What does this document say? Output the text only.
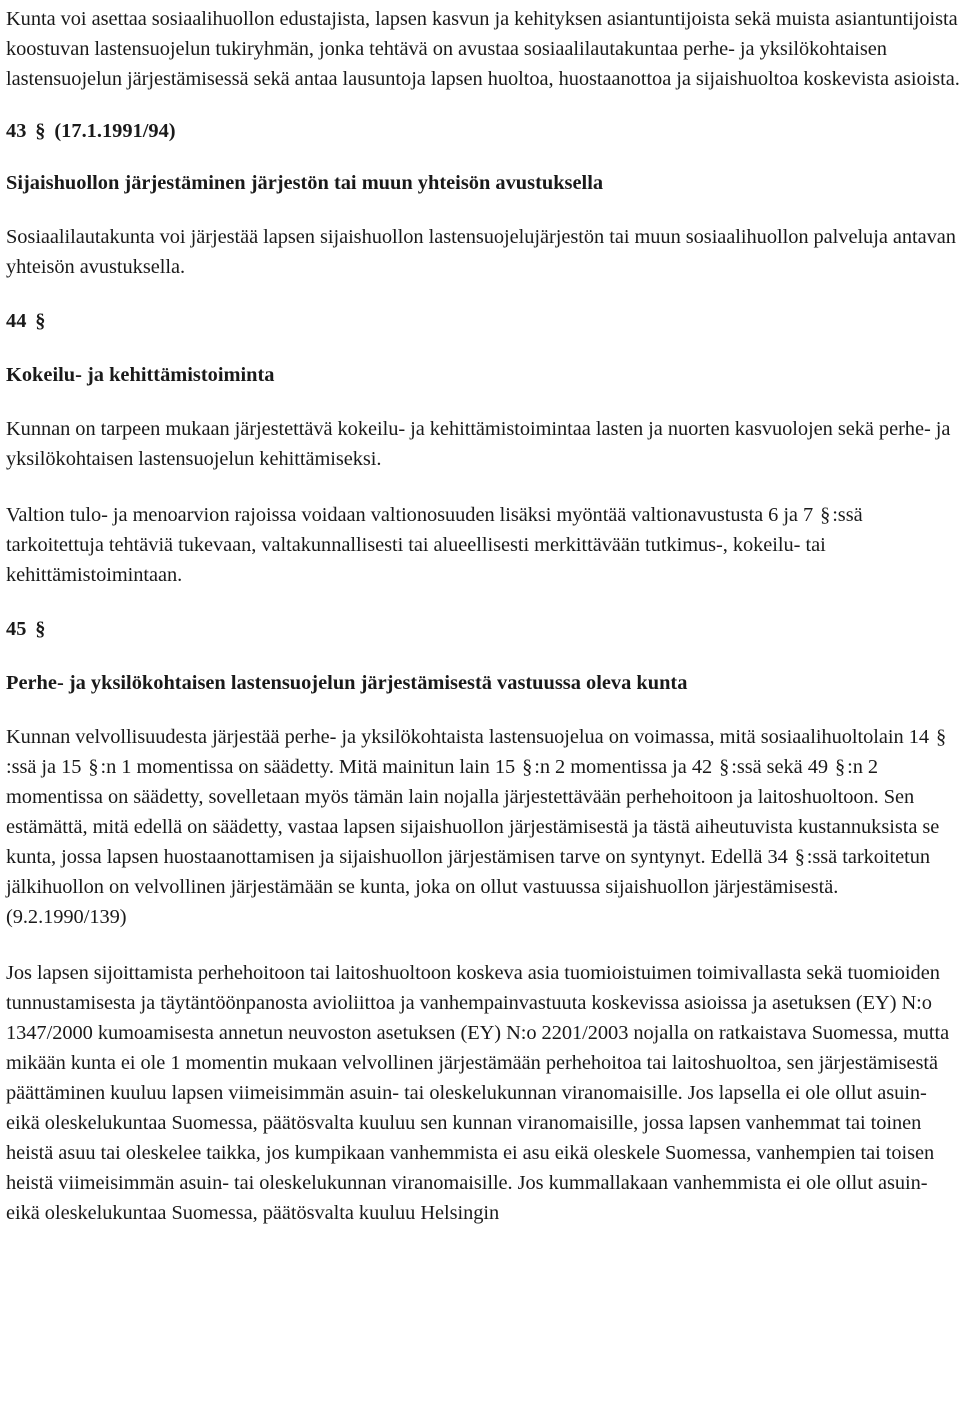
Kunta voi asettaa sosiaalihuollon edustajista, lapsen kasvun ja kehityksen asiantuntijoista sekä muista asiantuntijoista koostuvan lastensuojelun tukiryhmän, jonka tehtävä on avustaa sosiaalilautakuntaa perhe- ja yksilökohtaisen lastensuojelun järjestämisessä sekä antaa lausuntoja lapsen huoltoa, huostaanottoa ja sijaishuoltoa koskevista asioista.

43 § (17.1.1991/94)

Sijaishuollon järjestäminen järjestön tai muun yhteisön avustuksella

Sosiaalilautakunta voi järjestää lapsen sijaishuollon lastensuojelujärjestön tai muun sosiaalihuollon palveluja antavan yhteisön avustuksella.

44 §

Kokeilu- ja kehittämistoiminta

Kunnan on tarpeen mukaan järjestettävä kokeilu- ja kehittämistoimintaa lasten ja nuorten kasvuolojen sekä perhe- ja yksilökohtaisen lastensuojelun kehittämiseksi.

Valtion tulo- ja menoarvion rajoissa voidaan valtionosuuden lisäksi myöntää valtionavustusta 6 ja 7 §:ssä tarkoitettuja tehtäviä tukevaan, valtakunnallisesti tai alueellisesti merkittävään tutkimus-, kokeilu- tai kehittämistoimintaan.

45 §

Perhe- ja yksilökohtaisen lastensuojelun järjestämisestä vastuussa oleva kunta

Kunnan velvollisuudesta järjestää perhe- ja yksilökohtaista lastensuojelua on voimassa, mitä sosiaalihuoltolain 14 §:ssä ja 15 §:n 1 momentissa on säädetty. Mitä mainitun lain 15 §:n 2 momentissa ja 42 §:ssä sekä 49 §:n 2 momentissa on säädetty, sovelletaan myös tämän lain nojalla järjestettävään perhehoitoon ja laitoshuoltoon. Sen estämättä, mitä edellä on säädetty, vastaa lapsen sijaishuollon järjestämisestä ja tästä aiheutuvista kustannuksista se kunta, jossa lapsen huostaanottamisen ja sijaishuollon järjestämisen tarve on syntynyt. Edellä 34 §:ssä tarkoitetun jälkihuollon on velvollinen järjestämään se kunta, joka on ollut vastuussa sijaishuollon järjestämisestä. (9.2.1990/139)

Jos lapsen sijoittamista perhehoitoon tai laitoshuoltoon koskeva asia tuomioistuimen toimivallasta sekä tuomioiden tunnustamisesta ja täytäntöönpanosta avioliittoa ja vanhempainvastuuta koskevissa asioissa ja asetuksen (EY) N:o 1347/2000 kumoamisesta annetun neuvoston asetuksen (EY) N:o 2201/2003 nojalla on ratkaistava Suomessa, mutta mikään kunta ei ole 1 momentin mukaan velvollinen järjestämään perhehoitoa tai laitoshuoltoa, sen järjestämisestä päättäminen kuuluu lapsen viimeisimmän asuin- tai oleskelukunnan viranomaisille. Jos lapsella ei ole ollut asuin- eikä oleskelukuntaa Suomessa, päätösvalta kuuluu sen kunnan viranomaisille, jossa lapsen vanhemmat tai toinen heistä asuu tai oleskelee taikka, jos kumpikaan vanhemmista ei asu eikä oleskele Suomessa, vanhempien tai toisen heistä viimeisimmän asuin- tai oleskelukunnan viranomaisille. Jos kummallakaan vanhemmista ei ole ollut asuin- eikä oleskelukuntaa Suomessa, päätösvalta kuuluu Helsingin
